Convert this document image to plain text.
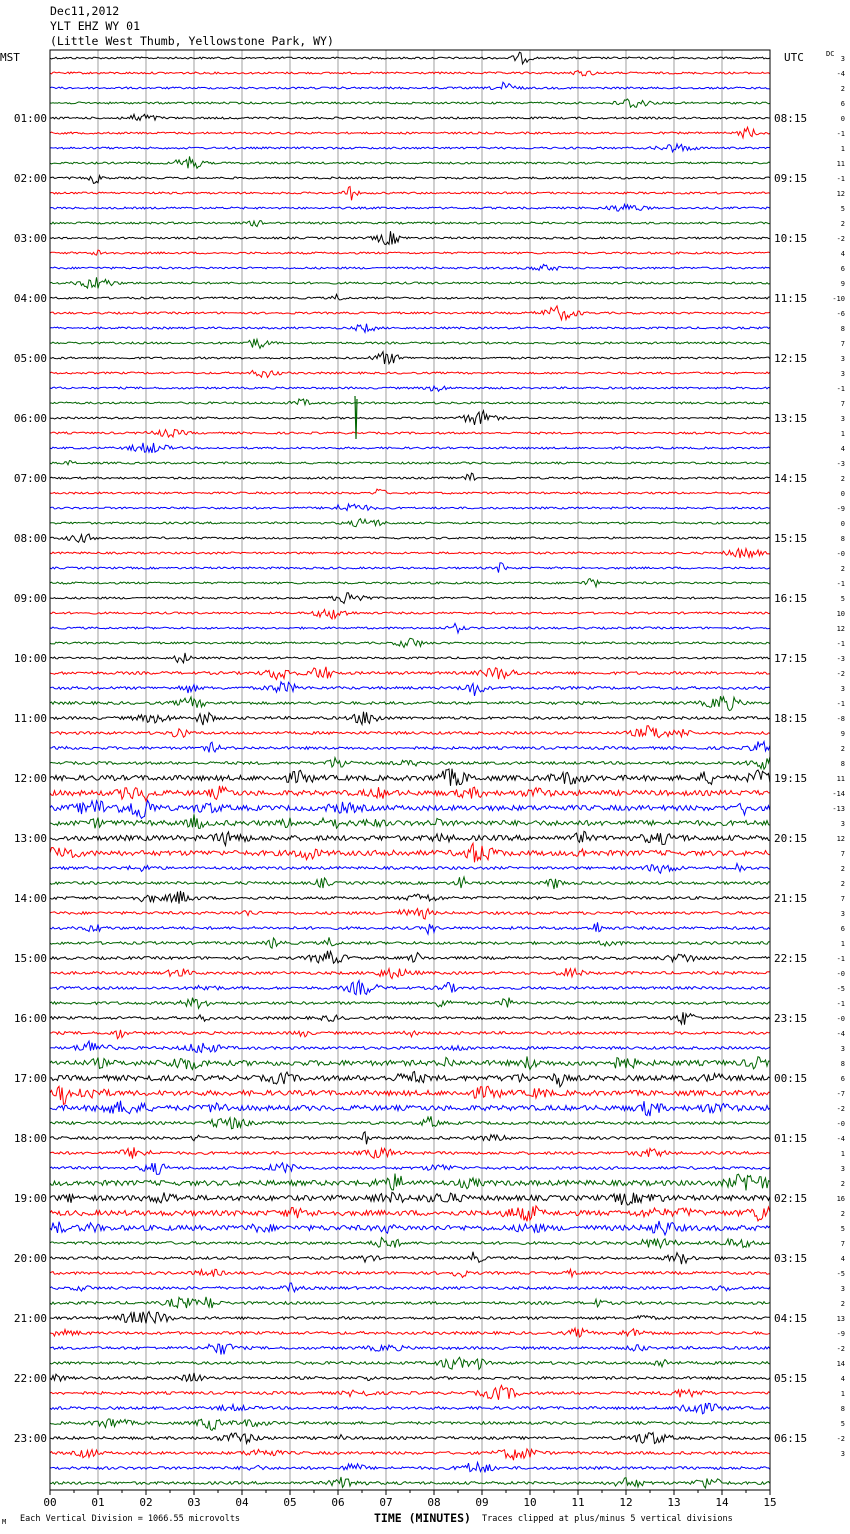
Dec11,2012
YLT EHZ WY 01
(Little West Thumb, Yellowstone Park, WY)
00	01	02	03	04	05	06	07	08	09	10	11	12	13	14	15
01:00
02:00
03:00
04:00
05:00
06:00
07:00
08:00
09:00
10:00
11:00
12:00
13:00
14:00
15:00
16:00
17:00
18:00
19:00
20:00
21:00
22:00
23:00
08:15
09:15
10:15
11:15
12:15
13:15
14:15
15:15
16:15
17:15
18:15
19:15
20:15
21:15
22:15
23:15
00:15
01:15
02:15
03:15
04:15
05:15
06:15
3
-4
2
6
0
-1
1
11
-1
12
5
2
-2
4
6
9
-10
-6
8
7
3
3
-1
7
3
1
4
-3
2
0
-9
0
8
-0
2
-1
5
10
12
-1
-3
-2
3
-1
-8
9
2
8
11
-14
-13
3
12
7
2
2
7
3
6
1
-1
-0
-5
-1
-0
-4
3
8
6
-7
-2
-0
-4
1
3
2
16
2
5
7
4
-5
3
2
13
-9
-2
14
4
1
8
5
-2
3
MST	UTC	DC
M Each Vertical Division = 1066.55 microvolts	TIME (MINUTES) Traces clipped at plus/minus 5 vertical divisions
